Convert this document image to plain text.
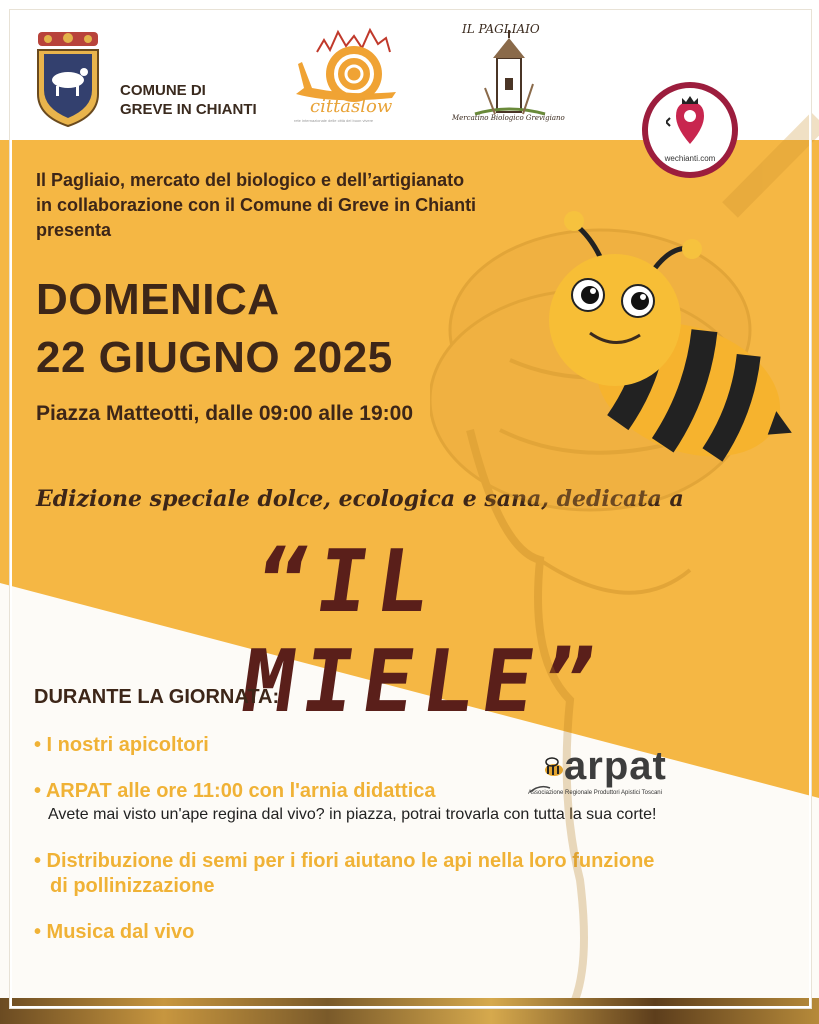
COMUNE DI
GREVE IN CHIANTI	cittaslow
rete internazionale delle città del buon vivere
IL PAGLIAIO
Mercatino Biologico Grevigiano
wechianti.com
Il Pagliaio, mercato del biologico e dell’artigianato
in collaborazione con il Comune di Greve in Chianti
presenta
DOMENICA
22 GIUGNO 2025
Piazza Matteotti, dalle 09:00 alle 19:00
Edizione speciale dolce, ecologica e sana, dedicata a
“IL MIELE”
DURANTE LA GIORNATA:
• I nostri apicoltori
• ARPAT alle ore 11:00 con l'arnia didattica
Avete mai visto un'ape regina dal vivo? in piazza, potrai trovarla con tutta la sua corte!
• Distribuzione di semi per i fiori aiutano le api nella loro funzione
di pollinizzazione
• Musica dal vivo
arpat
Associazione Regionale Produttori Apistici Toscani
